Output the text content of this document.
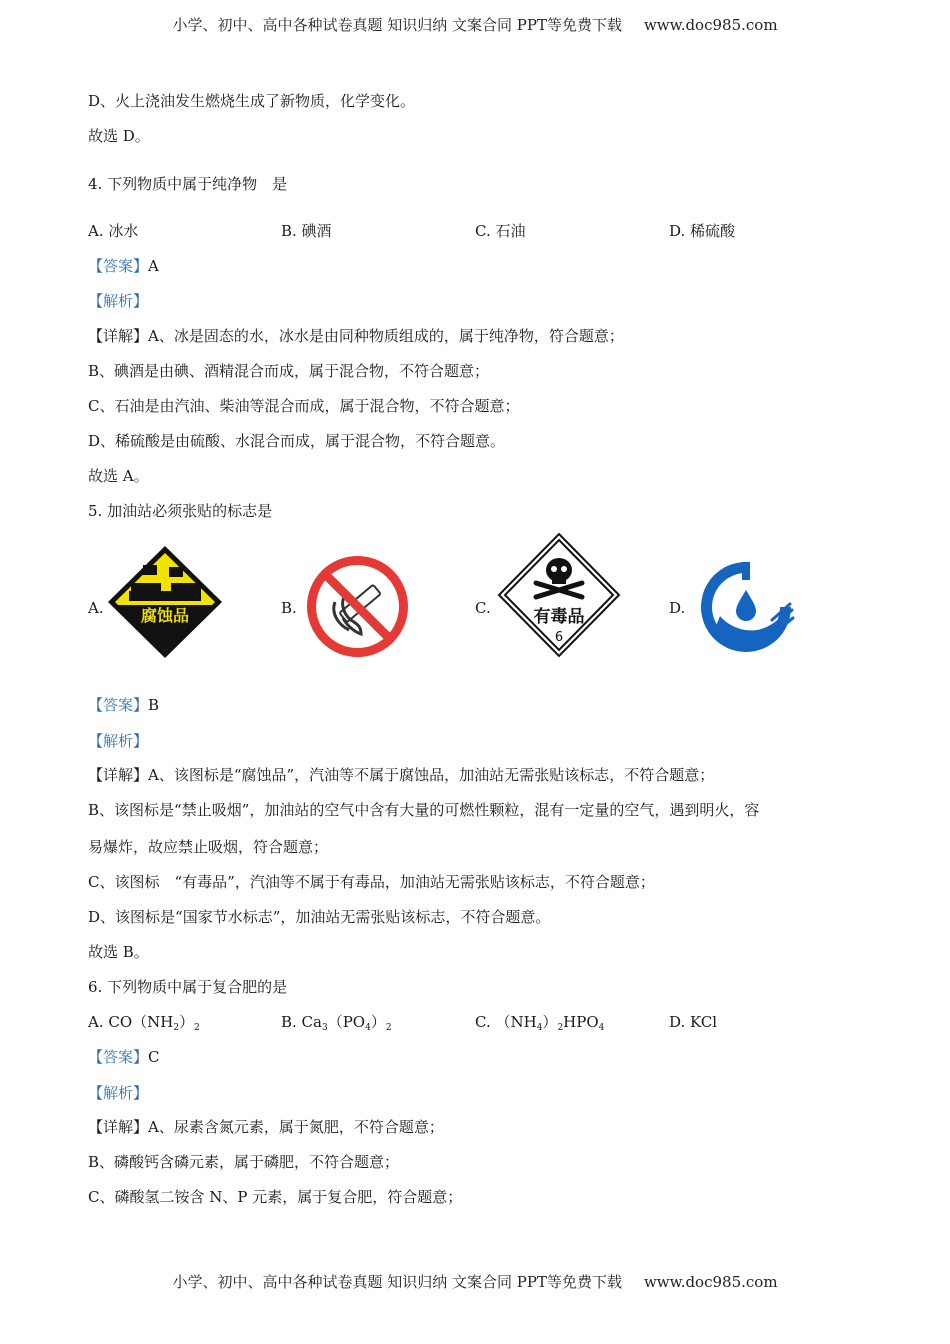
小学、初中、高中各种试卷真题 知识归纳 文案合同 PPT等免费下载 www.doc985.com
D、火上浇油发生燃烧生成了新物质，化学变化。
故选 D。
4. 下列物质中属于纯净物　是
A. 冰水	B. 碘酒	C. 石油	D. 稀硫酸
【答案】A
【解析】
【详解】A、冰是固态的水，冰水是由同种物质组成的，属于纯净物，符合题意；
B、碘酒是由碘、酒精混合而成，属于混合物，不符合题意；
C、石油是由汽油、柴油等混合而成，属于混合物，不符合题意；
D、稀硫酸是由硫酸、水混合而成，属于混合物，不符合题意。
故选 A。
5. 加油站必须张贴的标志是
A. 腐蚀品	B.	C.	有毒品
6
D.
【答案】B
【解析】
【详解】A、该图标是“腐蚀品”，汽油等不属于腐蚀品，加油站无需张贴该标志，不符合题意；
B、该图标是“禁止吸烟”，加油站的空气中含有大量的可燃性颗粒，混有一定量的空气，遇到明火，容
易爆炸，故应禁止吸烟，符合题意；
C、该图标　“有毒品”，汽油等不属于有毒品，加油站无需张贴该标志，不符合题意；
D、该图标是“国家节水标志”，加油站无需张贴该标志，不符合题意。
故选 B。
6. 下列物质中属于复合肥的是
A. $CO(NH_2)_2$	B. $Ca_3(PO_4)_2$	C. $(NH_4)_2HPO_4$	D. KCl
【答案】C
【解析】
【详解】A、尿素含氮元素，属于氮肥，不符合题意；
B、磷酸钙含磷元素，属于磷肥，不符合题意；
C、磷酸氢二铵含 N、P 元素，属于复合肥，符合题意；
小学、初中、高中各种试卷真题 知识归纳 文案合同 PPT等免费下载 www.doc985.com
